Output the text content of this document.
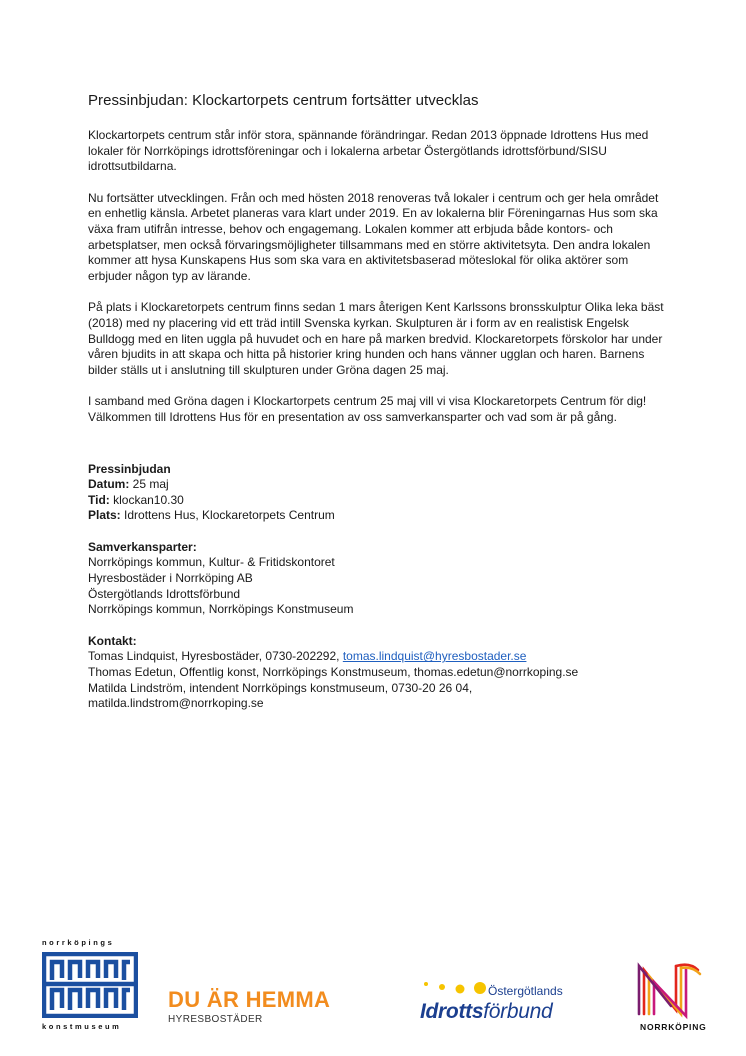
Pressinbjudan: Klockartorpets centrum fortsätter utvecklas

Klockartorpets centrum står inför stora, spännande förändringar. Redan 2013 öppnade Idrottens Hus med lokaler för Norrköpings idrottsföreningar och i lokalerna arbetar Östergötlands idrottsförbund/SISU idrottsutbildarna.

Nu fortsätter utvecklingen. Från och med hösten 2018 renoveras två lokaler i centrum och ger hela området en enhetlig känsla. Arbetet planeras vara klart under 2019. En av lokalerna blir Föreningarnas Hus som ska växa fram utifrån intresse, behov och engagemang. Lokalen kommer att erbjuda både kontors- och arbetsplatser, men också förvaringsmöjligheter tillsammans med en större aktivitetsyta. Den andra lokalen kommer att hysa Kunskapens Hus som ska vara en aktivitetsbaserad möteslokal för olika aktörer som erbjuder någon typ av lärande.

På plats i Klockaretorpets centrum finns sedan 1 mars återigen Kent Karlssons bronsskulptur Olika leka bäst (2018) med ny placering vid ett träd intill Svenska kyrkan. Skulpturen är i form av en realistisk Engelsk Bulldogg med en liten uggla på huvudet och en hare på marken bredvid. Klockaretorpets förskolor har under våren bjudits in att skapa och hitta på historier kring hunden och hans vänner ugglan och haren. Barnens bilder ställs ut i anslutning till skulpturen under Gröna dagen 25 maj.

I samband med Gröna dagen i Klockartorpets centrum 25 maj vill vi visa Klockaretorpets Centrum för dig! Välkommen till Idrottens Hus för en presentation av oss samverkansparter och vad som är på gång.

Pressinbjudan
Datum: 25 maj
Tid: klockan10.30
Plats: Idrottens Hus, Klockaretorpets Centrum
Samverkansparter:
Norrköpings kommun, Kultur- & Fritidskontoret
Hyresbostäder i Norrköping AB
Östergötlands Idrottsförbund
Norrköpings kommun, Norrköpings Konstmuseum
Kontakt:
Tomas Lindquist, Hyresbostäder, 0730-202292, tomas.lindquist@hyresbostader.se
Thomas Edetun, Offentlig konst, Norrköpings Konstmuseum, thomas.edetun@norrkoping.se
Matilda Lindström, intendent Norrköpings konstmuseum, 0730-20 26 04,
matilda.lindstrom@norrkoping.se
norrköpings
konstmuseum
DU ÄR HEMMA
HYRESBOSTÄDER
Östergötlands
Idrottsförbund
NORRKÖPING
